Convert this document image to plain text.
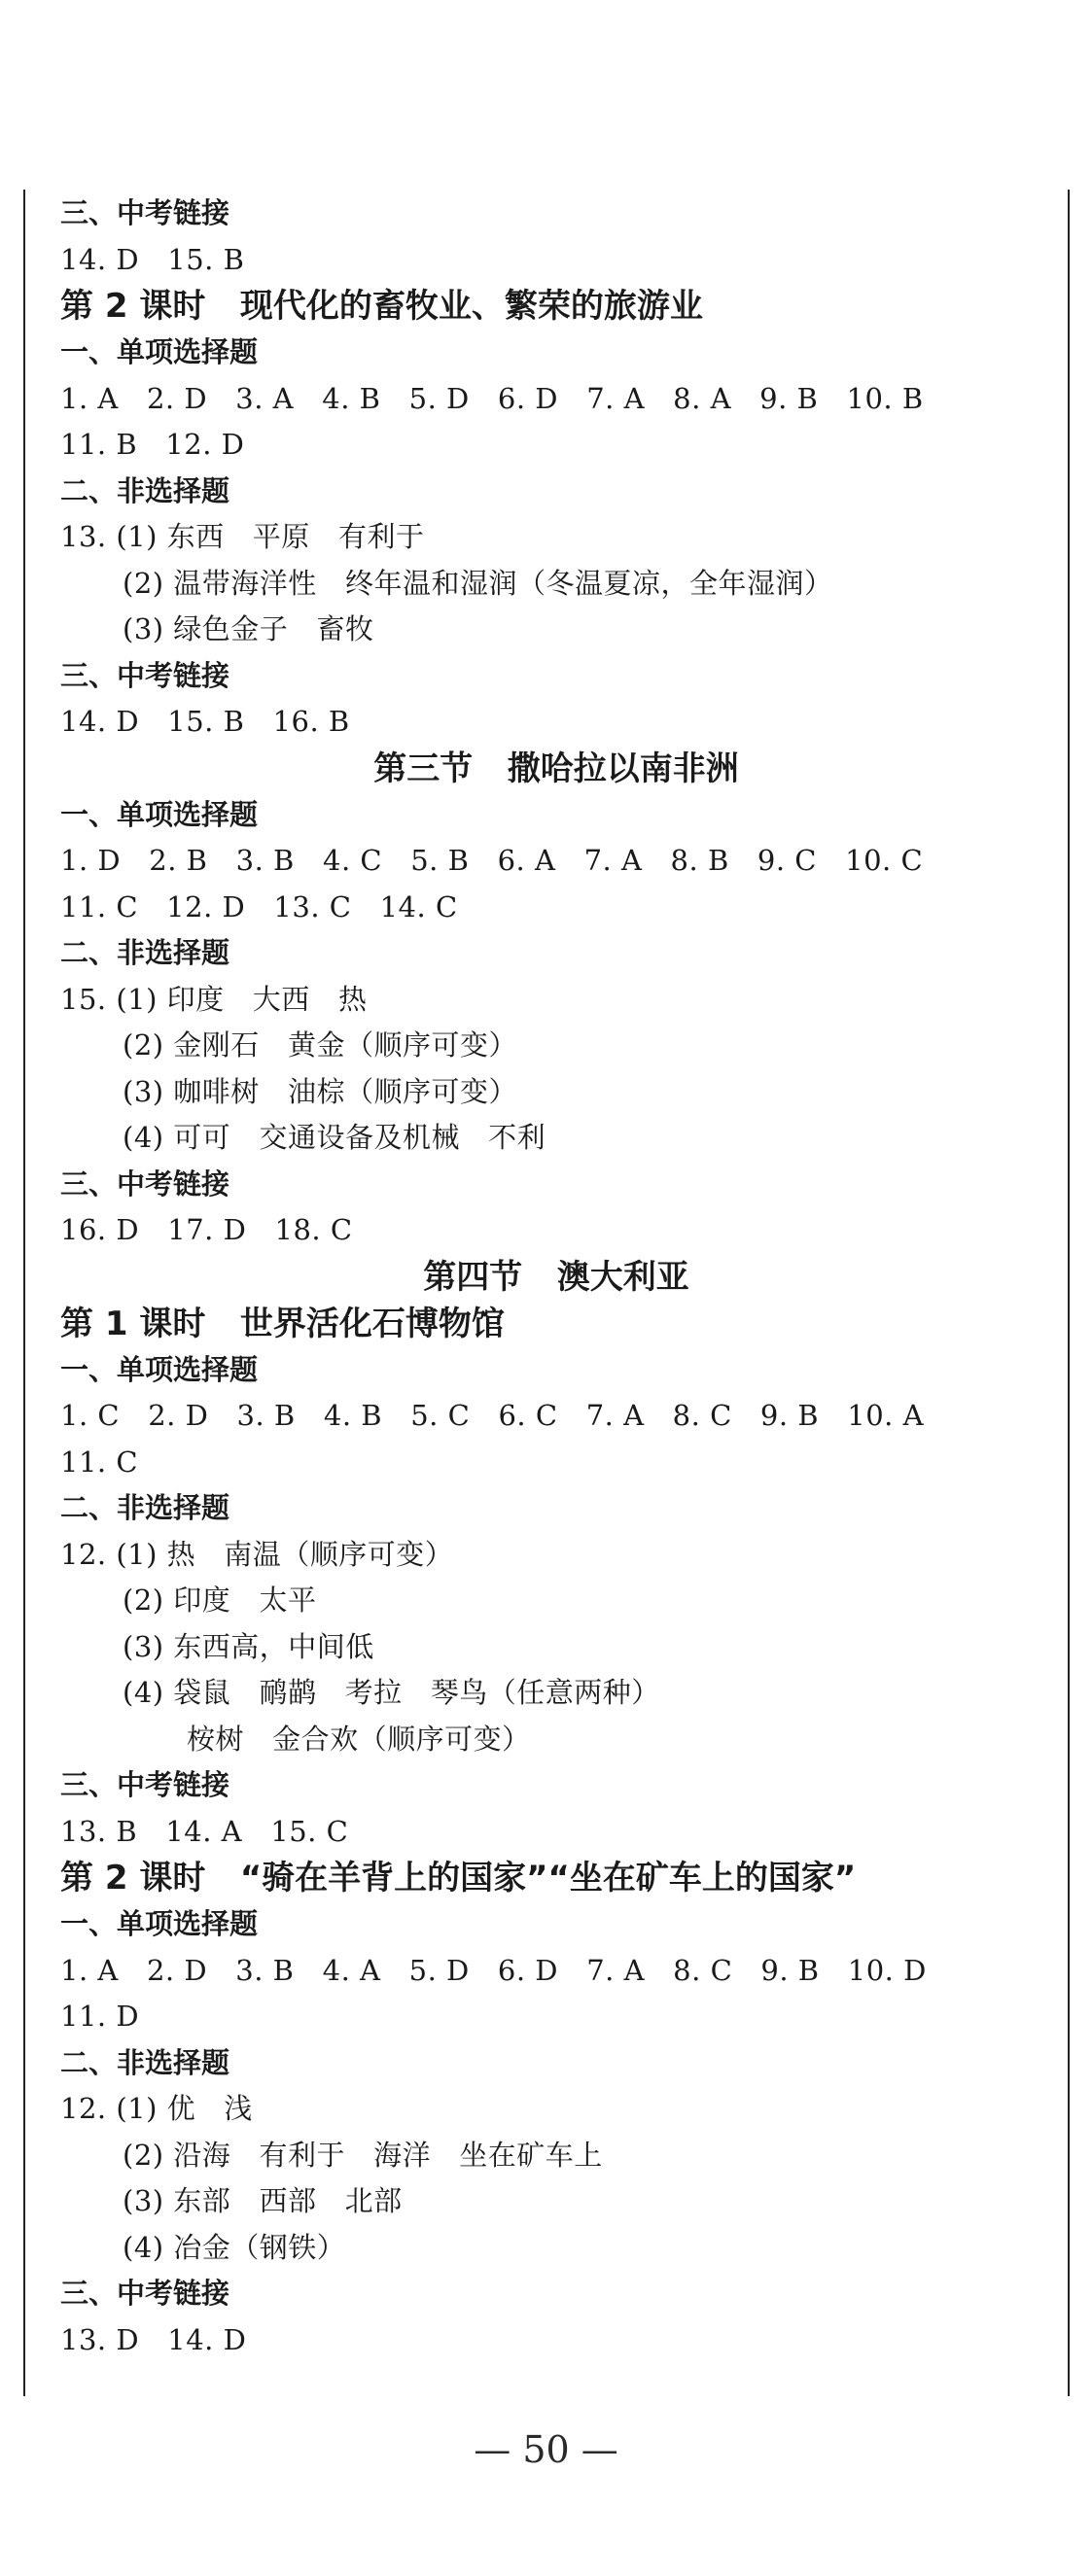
三、中考链接
14. D   15. B
第 2 课时   现代化的畜牧业、繁荣的旅游业
一、单项选择题
1. A   2. D   3. A   4. B   5. D   6. D   7. A   8. A   9. B   10. B
11. B   12. D
二、非选择题
13. (1) 东西   平原   有利于
(2) 温带海洋性   终年温和湿润（冬温夏凉，全年湿润）
(3) 绿色金子   畜牧
三、中考链接
14. D   15. B   16. B
第三节   撒哈拉以南非洲
一、单项选择题
1. D   2. B   3. B   4. C   5. B   6. A   7. A   8. B   9. C   10. C
11. C   12. D   13. C   14. C
二、非选择题
15. (1) 印度   大西   热
(2) 金刚石   黄金（顺序可变）
(3) 咖啡树   油棕（顺序可变）
(4) 可可   交通设备及机械   不利
三、中考链接
16. D   17. D   18. C
第四节   澳大利亚
第 1 课时   世界活化石博物馆
一、单项选择题
1. C   2. D   3. B   4. B   5. C   6. C   7. A   8. C   9. B   10. A
11. C
二、非选择题
12. (1) 热   南温（顺序可变）
(2) 印度   太平
(3) 东西高，中间低
(4) 袋鼠   鸸鹋   考拉   琴鸟（任意两种）
桉树   金合欢（顺序可变）
三、中考链接
13. B   14. A   15. C
第 2 课时   “骑在羊背上的国家”“坐在矿车上的国家”
一、单项选择题
1. A   2. D   3. B   4. A   5. D   6. D   7. A   8. C   9. B   10. D
11. D
二、非选择题
12. (1) 优   浅
(2) 沿海   有利于   海洋   坐在矿车上
(3) 东部   西部   北部
(4) 冶金（钢铁）
三、中考链接
13. D   14. D
— 50 —
